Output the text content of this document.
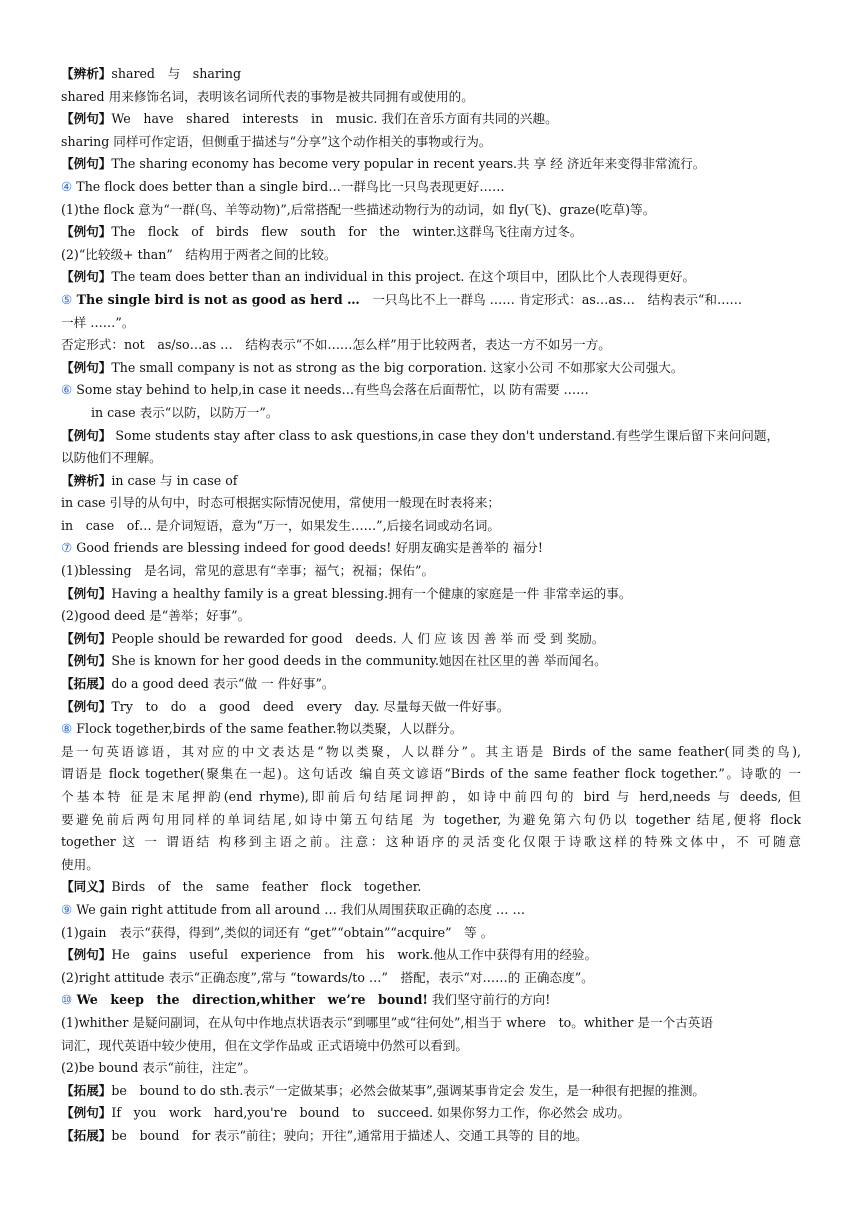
【辨析】shared　与　sharing
shared 用来修饰名词，表明该名词所代表的事物是被共同拥有或使用的。
【例句】We　have　shared　interests　in　music. 我们在音乐方面有共同的兴趣。
sharing 同样可作定语，但侧重于描述与“分享”这个动作相关的事物或行为。
【例句】The sharing economy has become very popular in recent years.共 享 经 济近年来变得非常流行。
④ The flock does better than a single bird…一群鸟比一只鸟表现更好……
(1)the flock 意为“一群(鸟、羊等动物)”,后常搭配一些描述动物行为的动词，如 fly(飞)、graze(吃草)等。
【例句】The　flock　of　birds　flew　south　for　the　winter.这群鸟飞往南方过冬。
(2)“比较级+ than”　结构用于两者之间的比较。
【例句】The team does better than an individual in this project. 在这个项目中，团队比个人表现得更好。
⑤ The single bird is not as good as herd …　一只鸟比不上一群鸟 …… 肯定形式：as…as…　结构表示“和……
一样 ……”。
否定形式：not　as/so…as …　结构表示“不如……怎么样”用于比较两者，表达一方不如另一方。
【例句】The small company is not as strong as the big corporation. 这家小公司 不如那家大公司强大。
⑥ Some stay behind to help,in case it needs…有些鸟会落在后面帮忙，以 防有需要 ……
in case 表示“以防，以防万一”。
【例句】 Some students stay after class to ask questions,in case they don't understand.有些学生课后留下来问问题，
以防他们不理解。
【辨析】in case 与 in case of
in case 引导的从句中，时态可根据实际情况使用，常使用一般现在时表将来；
in　case　of… 是介词短语，意为“万一，如果发生……”,后接名词或动名词。
⑦ Good friends are blessing indeed for good deeds! 好朋友确实是善举的 福分!
(1)blessing　是名词，常见的意思有“幸事；福气；祝福；保佑”。
【例句】Having a healthy family is a great blessing.拥有一个健康的家庭是一件 非常幸运的事。
(2)good deed 是“善举；好事”。
【例句】People should be rewarded for good　deeds. 人 们 应 该 因 善 举 而 受 到 奖励。
【例句】She is known for her good deeds in the community.她因在社区里的善 举而闻名。
【拓展】do a good deed 表示“做 一 件好事”。
【例句】Try　to　do　a　good　deed　every　day. 尽量每天做一件好事。
⑧ Flock together,birds of the same feather.物以类聚，人以群分。
是一句英语谚语，其对应的中文表达是“物以类聚，人以群分”。其主语是 Birds of the same feather(同类的鸟),
谓语是 flock together(聚集在一起)。这句话改 编自英文谚语“Birds of the same feather flock together.”。诗歌的 一
个基本特 征是末尾押韵(end rhyme),即前后句结尾词押韵，如诗中前四句的 bird 与 herd,needs 与 deeds, 但
要避免前后两句用同样的单词结尾,如诗中第五句结尾 为 together, 为避免第六句仍以 together 结尾,便将 flock
together 这 一 谓语结 构移到主语之前。注意：这种语序的灵活变化仅限于诗歌这样的特殊文体中，不 可随意
使用。
【同义】Birds　of　the　same　feather　flock　together.
⑨ We gain right attitude from all around … 我们从周围获取正确的态度 … …
(1)gain　表示“获得，得到”,类似的词还有 “get”“obtain”“acquire”　等 。
【例句】He　gains　useful　experience　from　his　work.他从工作中获得有用的经验。
(2)right attitude 表示“正确态度”,常与 “towards/to …”　搭配，表示“对……的 正确态度”。
⑩ We　keep　the　direction,whither　we’re　bound! 我们坚守前行的方向!
(1)whither 是疑问副词，在从句中作地点状语表示“到哪里”或“往何处”,相当于 where　to。whither 是一个古英语
词汇，现代英语中较少使用，但在文学作品或 正式语境中仍然可以看到。
(2)be bound 表示“前往，注定”。
【拓展】be　bound to do sth.表示“一定做某事；必然会做某事”,强调某事肯定会 发生，是一种很有把握的推测。
【例句】If　you　work　hard,you're　bound　to　succeed. 如果你努力工作，你必然会 成功。
【拓展】be　bound　for 表示“前往；驶向；开往”,通常用于描述人、交通工具等的 目的地。
